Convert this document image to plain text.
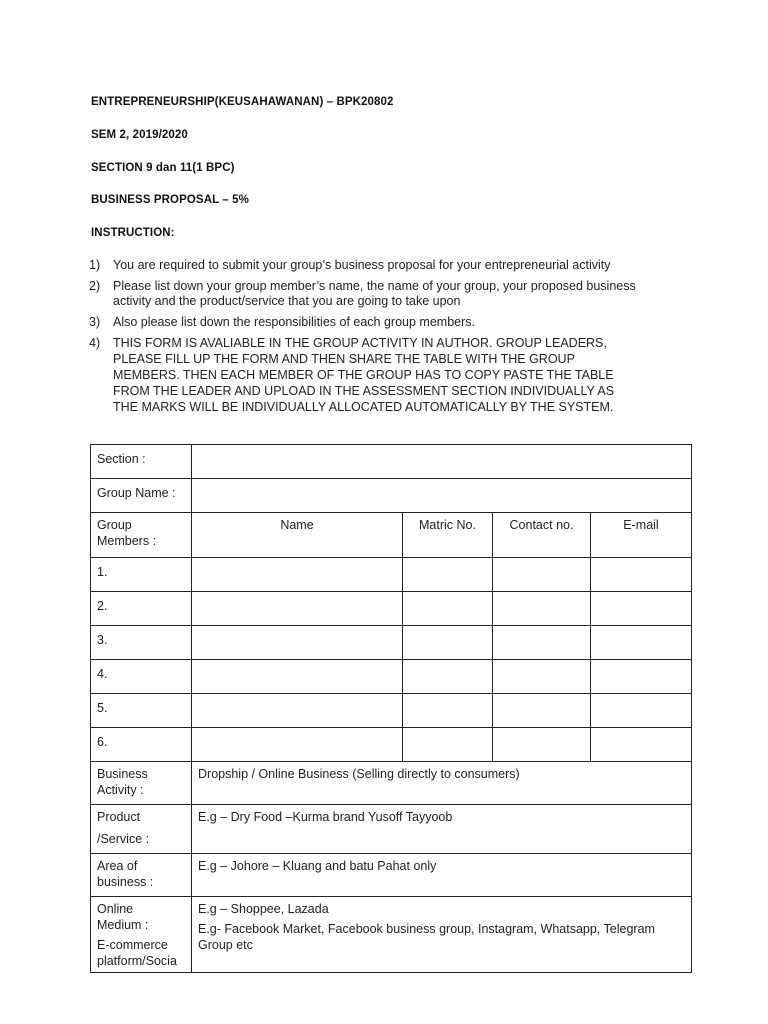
ENTREPRENEURSHIP(KEUSAHAWANAN) – BPK20802
SEM 2, 2019/2020
SECTION 9 dan 11(1 BPC)
BUSINESS PROPOSAL – 5%
INSTRUCTION:
1) You are required to submit your group’s business proposal for your entrepreneurial activity
2) Please list down your group member’s name, the name of your group, your proposed business
activity and the product/service that you are going to take upon
3) Also please list down the responsibilities of each group members.
4) THIS FORM IS AVALIABLE IN THE GROUP ACTIVITY IN AUTHOR. GROUP LEADERS,
PLEASE FILL UP THE FORM AND THEN SHARE THE TABLE WITH THE GROUP
MEMBERS. THEN EACH MEMBER OF THE GROUP HAS TO COPY PASTE THE TABLE
FROM THE LEADER AND UPLOAD IN THE ASSESSMENT SECTION INDIVIDUALLY AS
THE MARKS WILL BE INDIVIDUALLY ALLOCATED AUTOMATICALLY BY THE SYSTEM.
Section :				
Group Name :				
Group
Members :	Name	Matric No.	Contact no.	E-mail
1.				
2.				
3.				
4.				
5.				
6.				
Business
Activity :	Dropship / Online Business (Selling directly to consumers)			
Product
/Service :	E.g – Dry Food –Kurma brand Yusoff Tayyoob			
Area of
business :	E.g – Johore – Kluang and batu Pahat only			
Online
Medium :
E-commerce
platform/Socia	E.g – Shoppee, Lazada
E.g- Facebook Market, Facebook business group, Instagram, Whatsapp, Telegram
Group etc			
